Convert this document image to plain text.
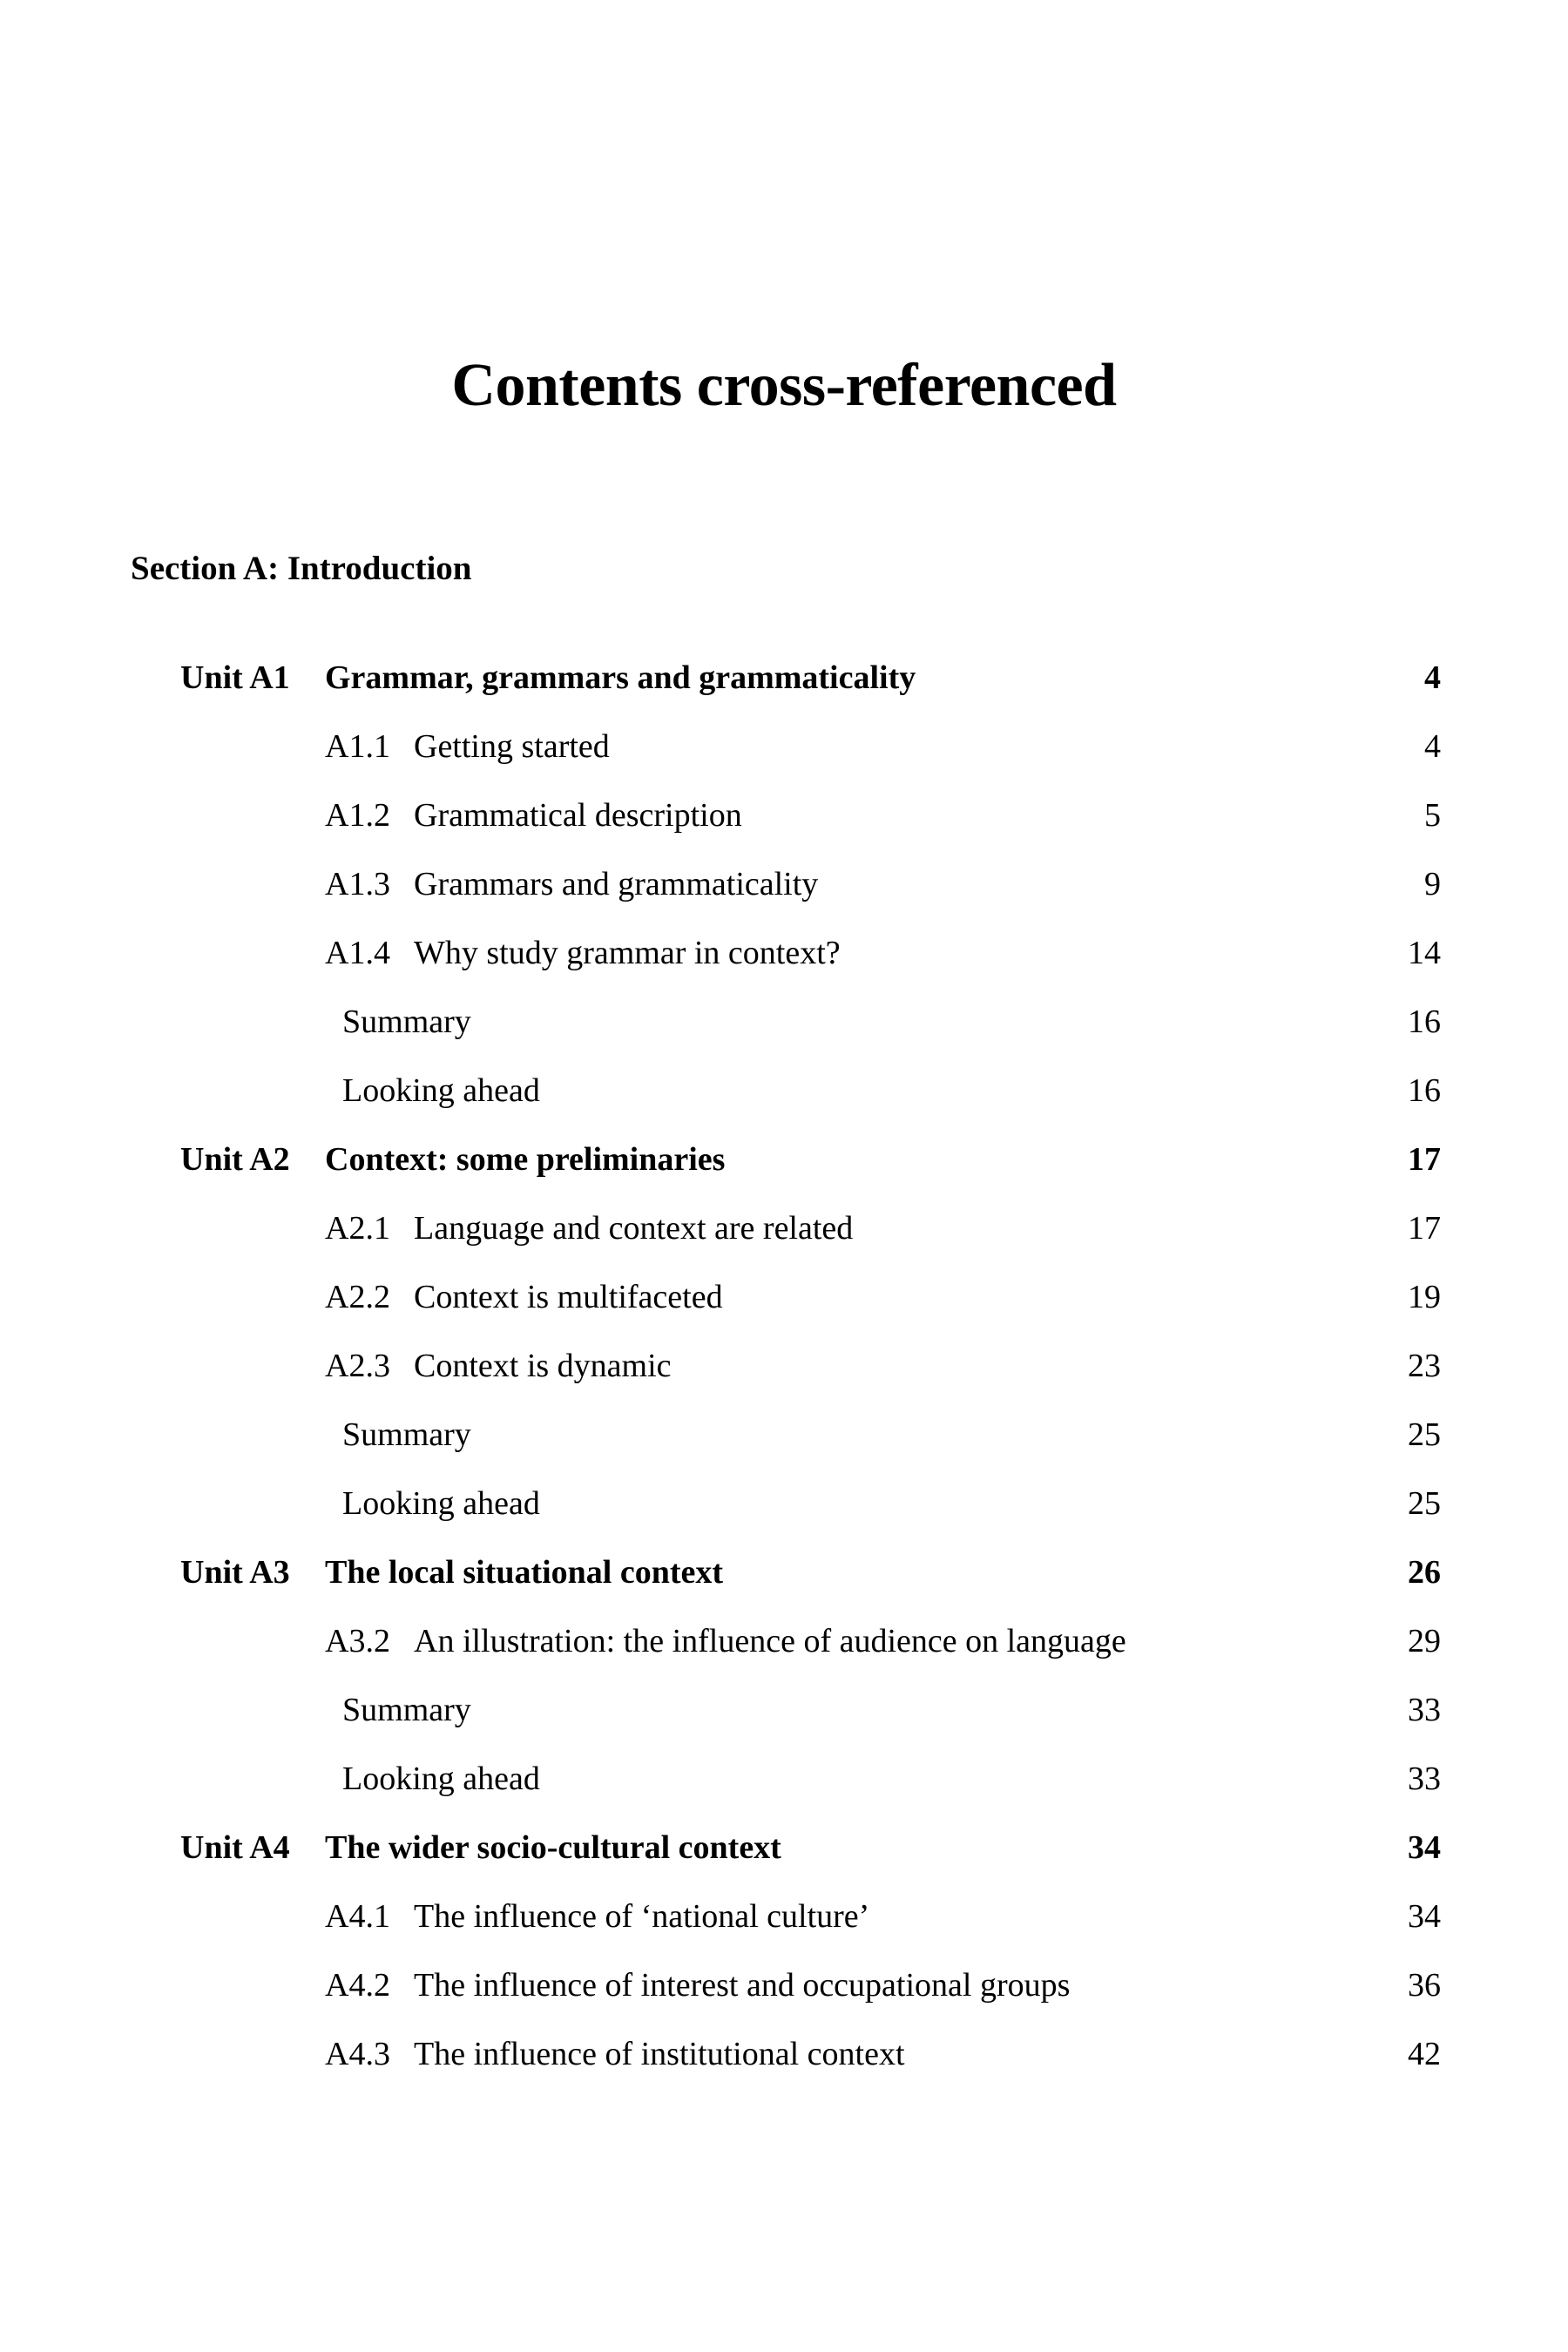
Contents cross-referenced
Section A: Introduction
Unit A1 Grammar, grammars and grammaticality	4
A1.1 Getting started	4
A1.2 Grammatical description	5
A1.3 Grammars and grammaticality	9
A1.4 Why study grammar in context?	14
Summary	16
Looking ahead	16
Unit A2 Context: some preliminaries	17
A2.1 Language and context are related	17
A2.2 Context is multifaceted	19
A2.3 Context is dynamic	23
Summary	25
Looking ahead	25
Unit A3 The local situational context	26
A3.2 An illustration: the influence of audience on language	29
Summary	33
Looking ahead	33
Unit A4 The wider socio-cultural context	34
A4.1 The influence of ‘national culture’	34
A4.2 The influence of interest and occupational groups	36
A4.3 The influence of institutional context	42
